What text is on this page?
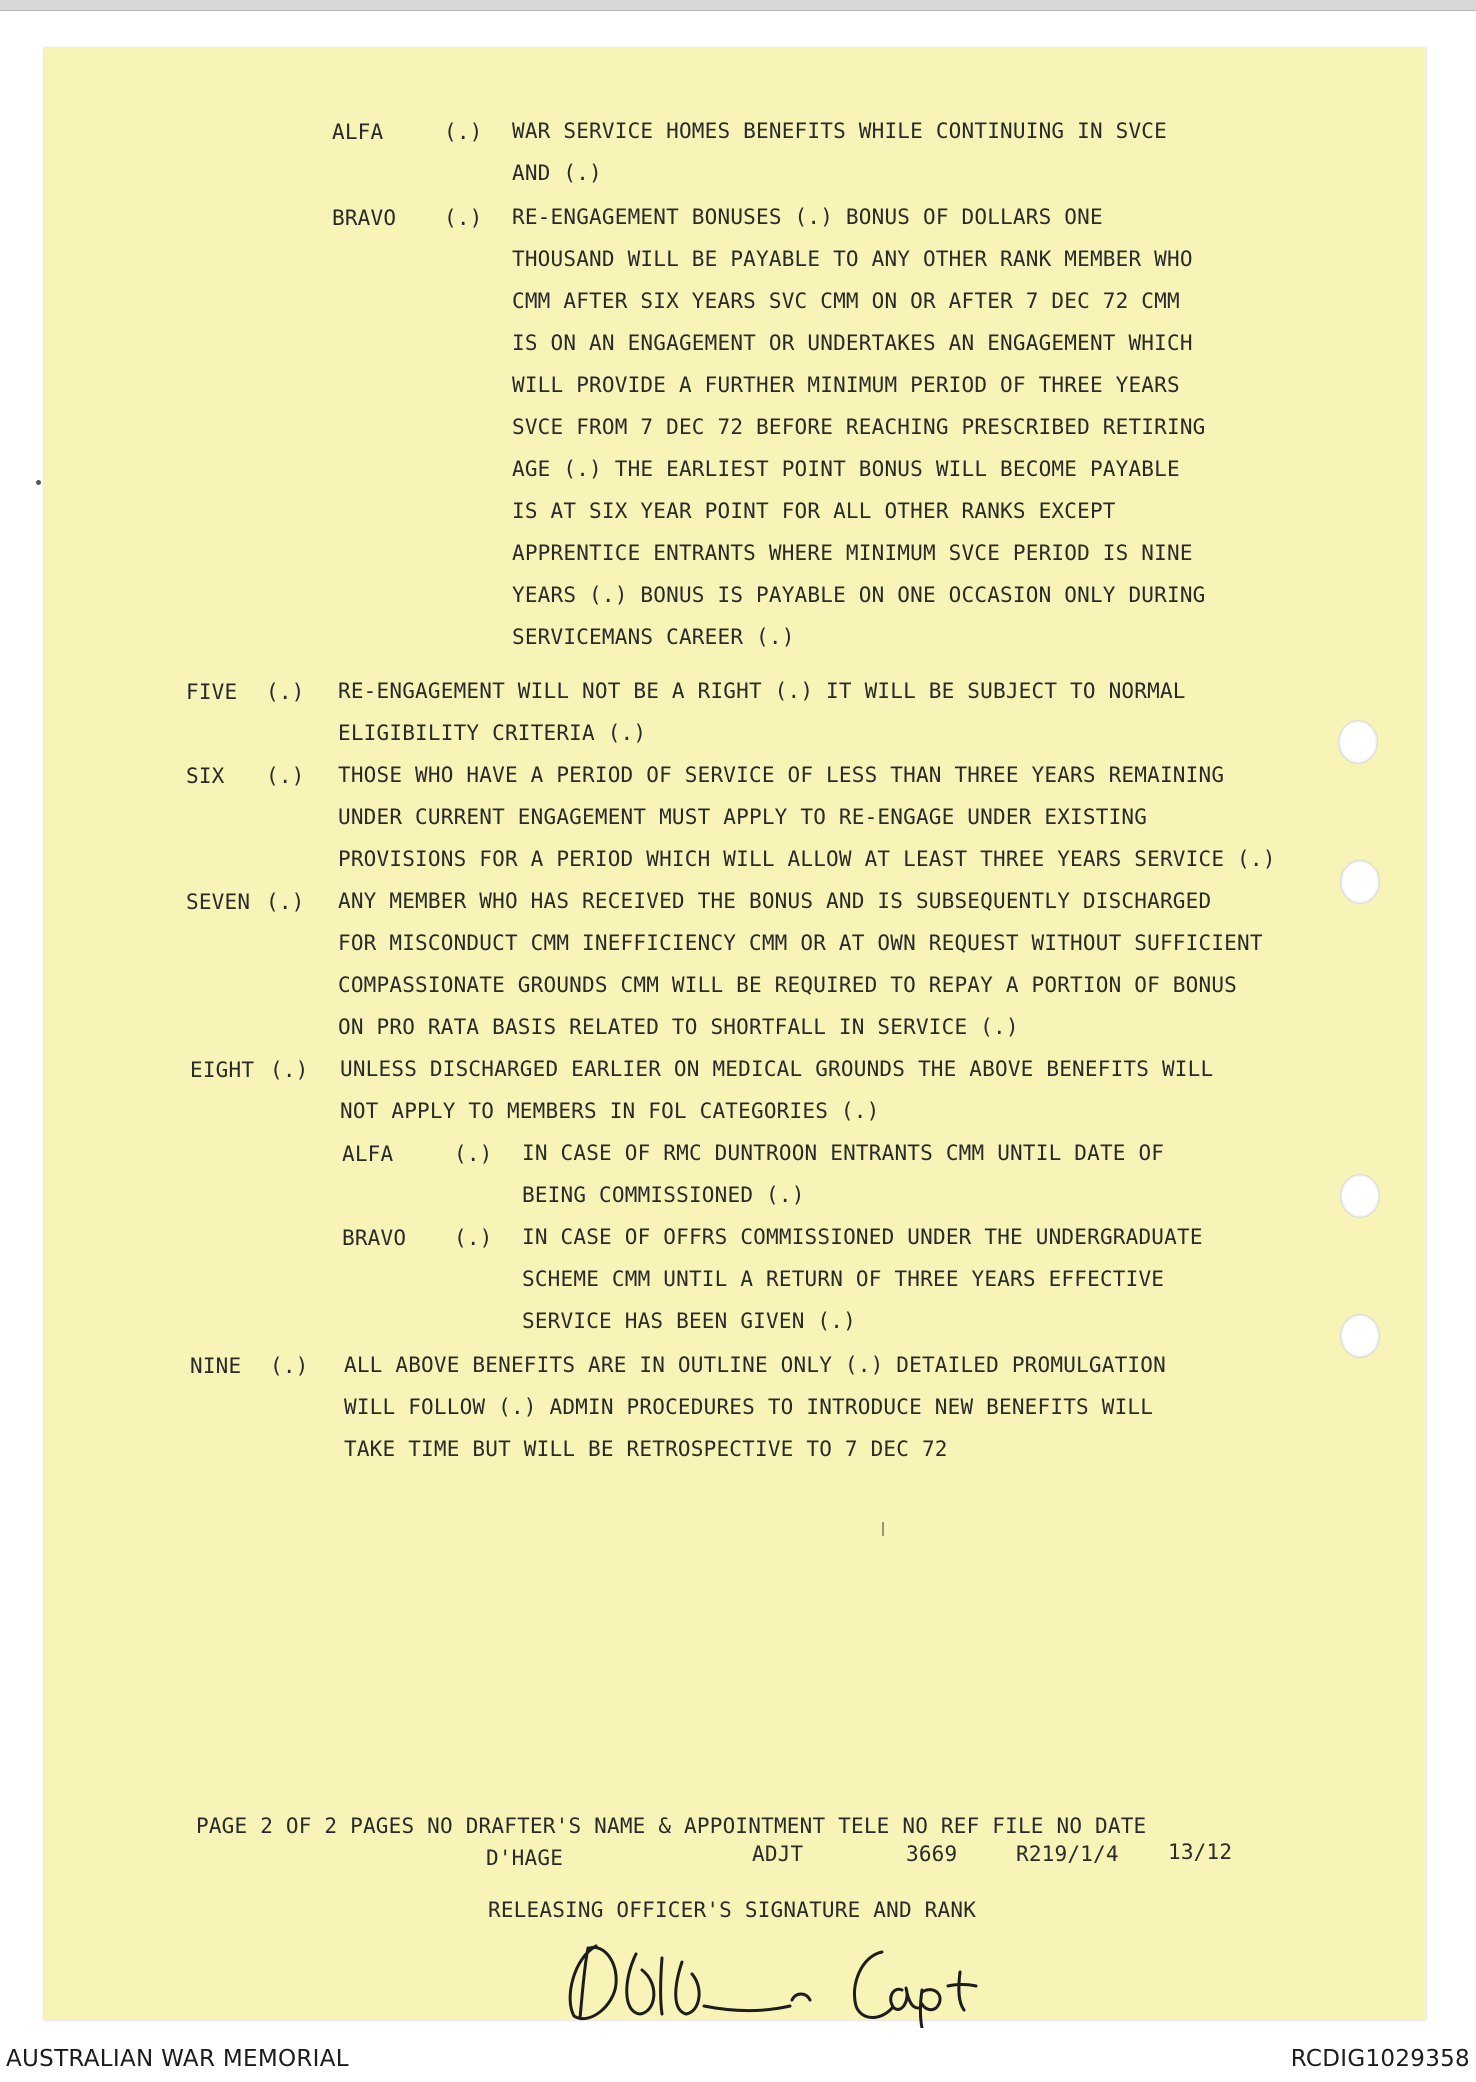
ALFA	(.) WAR SERVICE HOMES BENEFITS WHILE CONTINUING IN SVCE
AND (.)
BRAVO (.) RE-ENGAGEMENT BONUSES (.) BONUS OF DOLLARS ONE
THOUSAND WILL BE PAYABLE TO ANY OTHER RANK MEMBER WHO
CMM AFTER SIX YEARS SVC CMM ON OR AFTER 7 DEC 72 CMM
IS ON AN ENGAGEMENT OR UNDERTAKES AN ENGAGEMENT WHICH
WILL PROVIDE A FURTHER MINIMUM PERIOD OF THREE YEARS
SVCE FROM 7 DEC 72 BEFORE REACHING PRESCRIBED RETIRING
AGE (.) THE EARLIEST POINT BONUS WILL BECOME PAYABLE
IS AT SIX YEAR POINT FOR ALL OTHER RANKS EXCEPT
APPRENTICE ENTRANTS WHERE MINIMUM SVCE PERIOD IS NINE
YEARS (.) BONUS IS PAYABLE ON ONE OCCASION ONLY DURING
SERVICEMANS CAREER (.)
FIVE (.) RE-ENGAGEMENT WILL NOT BE A RIGHT (.) IT WILL BE SUBJECT TO NORMAL
ELIGIBILITY CRITERIA (.)
SIX (.) THOSE WHO HAVE A PERIOD OF SERVICE OF LESS THAN THREE YEARS REMAINING
UNDER CURRENT ENGAGEMENT MUST APPLY TO RE-ENGAGE UNDER EXISTING
PROVISIONS FOR A PERIOD WHICH WILL ALLOW AT LEAST THREE YEARS SERVICE (.)
SEVEN (.) ANY MEMBER WHO HAS RECEIVED THE BONUS AND IS SUBSEQUENTLY DISCHARGED
FOR MISCONDUCT CMM INEFFICIENCY CMM OR AT OWN REQUEST WITHOUT SUFFICIENT
COMPASSIONATE GROUNDS CMM WILL BE REQUIRED TO REPAY A PORTION OF BONUS
ON PRO RATA BASIS RELATED TO SHORTFALL IN SERVICE (.)
EIGHT (.) UNLESS DISCHARGED EARLIER ON MEDICAL GROUNDS THE ABOVE BENEFITS WILL
NOT APPLY TO MEMBERS IN FOL CATEGORIES (.)
ALFA	(.) IN CASE OF RMC DUNTROON ENTRANTS CMM UNTIL DATE OF
BEING COMMISSIONED (.)
BRAVO (.) IN CASE OF OFFRS COMMISSIONED UNDER THE UNDERGRADUATE
SCHEME CMM UNTIL A RETURN OF THREE YEARS EFFECTIVE
SERVICE HAS BEEN GIVEN (.)
NINE (.) ALL ABOVE BENEFITS ARE IN OUTLINE ONLY (.) DETAILED PROMULGATION
WILL FOLLOW (.) ADMIN PROCEDURES TO INTRODUCE NEW BENEFITS WILL
TAKE TIME BUT WILL BE RETROSPECTIVE TO 7 DEC 72
PAGE 2 OF 2 PAGES NO DRAFTER'S NAME & APPOINTMENT TELE NO REF FILE NO DATE
D'HAGE	ADJT	3669	R219/1/4 13/12
RELEASING OFFICER'S SIGNATURE AND RANK
AUSTRALIAN WAR MEMORIAL	RCDIG1029358
